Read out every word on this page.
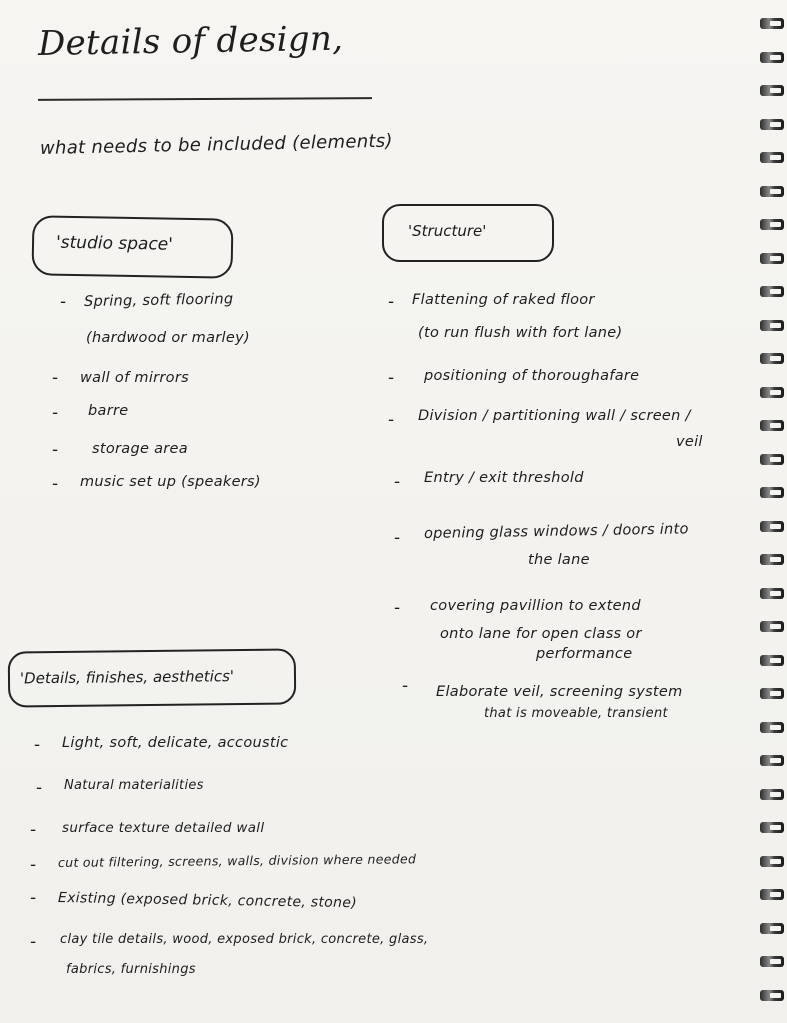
Details of design,
what needs to be included (elements)
'studio space'
- Spring, soft flooring
(hardwood or marley)
- wall of mirrors
- barre
- storage area
- music set up (speakers)
'Structure'
- Flattening of raked floor
(to run flush with fort lane)
- positioning of thoroughafare
- Division / partitioning wall / screen /
veil
- Entry / exit threshold
- opening glass windows / doors into
the lane
- covering pavillion to extend
onto lane for open class or
performance
- Elaborate veil, screening system
that is moveable, transient
'Details, finishes, aesthetics'
- Light, soft, delicate, accoustic
- Natural materialities
- surface texture detailed wall
- cut out filtering, screens, walls, division where needed
- Existing (exposed brick, concrete, stone)
- clay tile details, wood, exposed brick, concrete, glass,
fabrics, furnishings
